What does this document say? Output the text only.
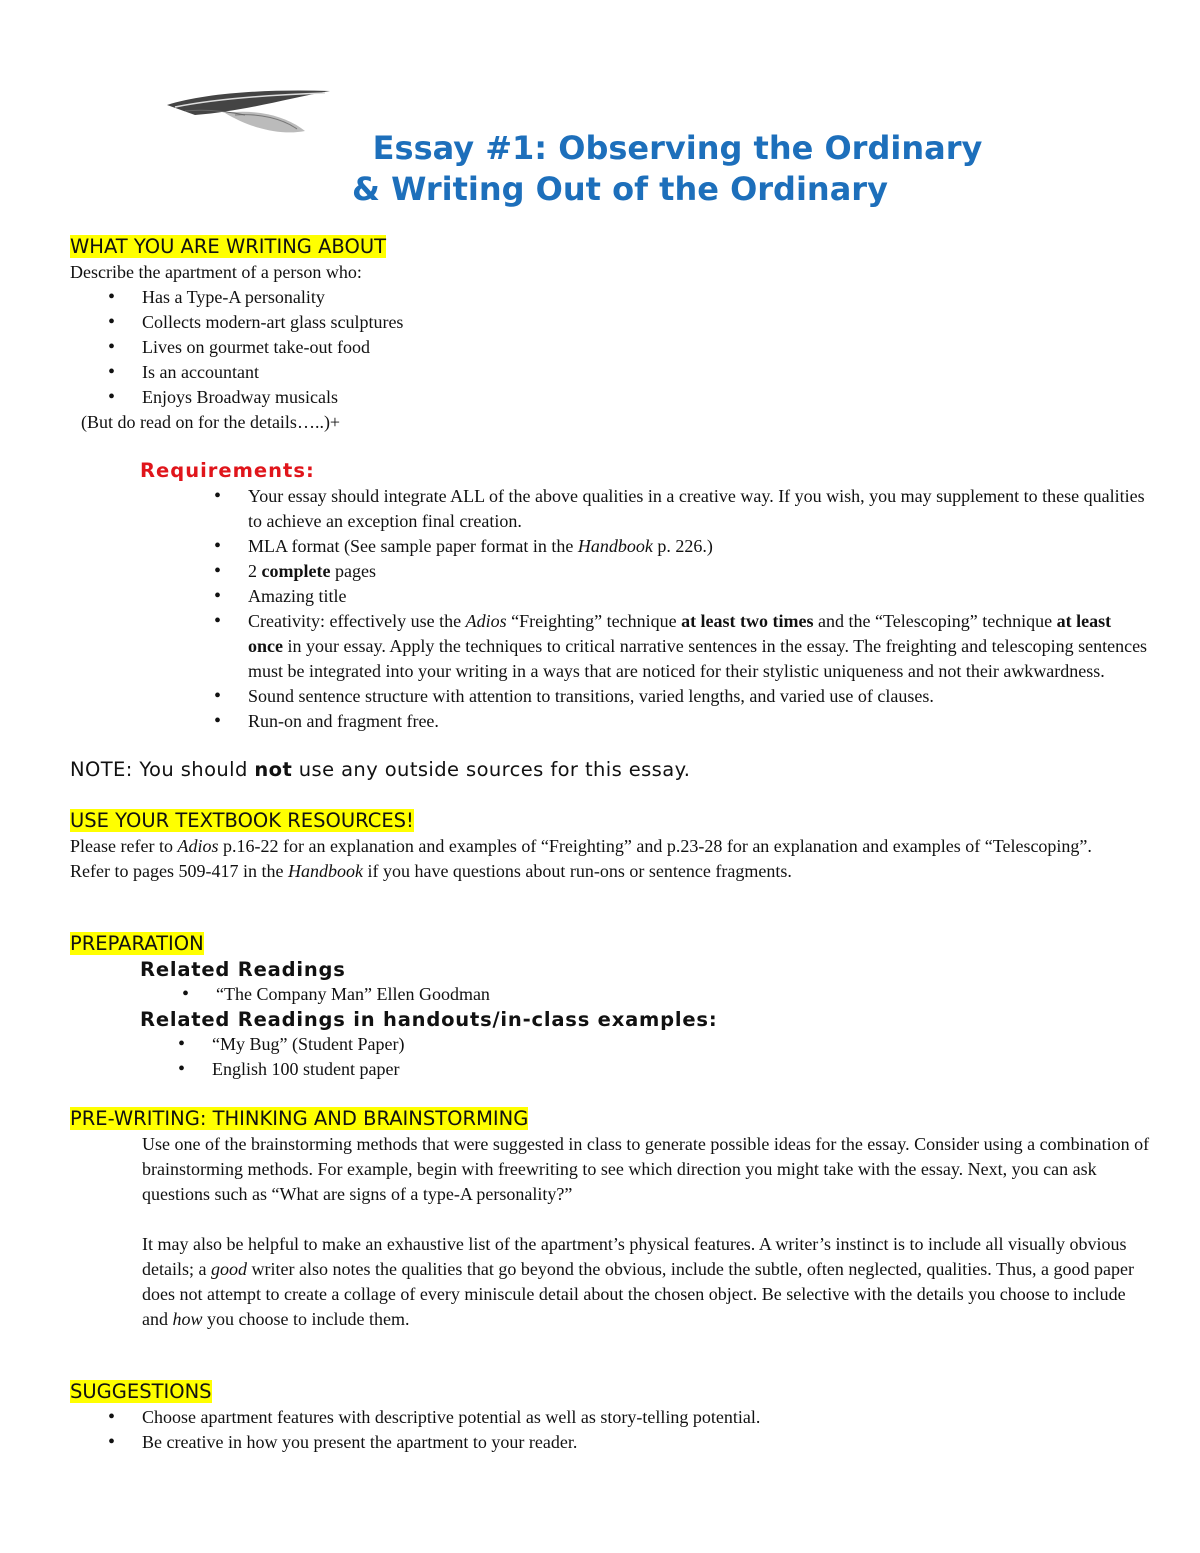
Essay #1: Observing the Ordinary
& Writing Out of the Ordinary
WHAT YOU ARE WRITING ABOUT
Describe the apartment of a person who:
• Has a Type-A personality
• Collects modern-art glass sculptures
• Lives on gourmet take-out food
• Is an accountant
• Enjoys Broadway musicals
(But do read on for the details…..)+
Requirements:
• Your essay should integrate ALL of the above qualities in a creative way. If you wish, you may supplement to these qualities to achieve an exception final creation.
• MLA format (See sample paper format in the Handbook p. 226.)
• 2 complete pages
• Amazing title
• Creativity: effectively use the Adios “Freighting” technique at least two times and the “Telescoping” technique at least once in your essay. Apply the techniques to critical narrative sentences in the essay. The freighting and telescoping sentences must be integrated into your writing in a ways that are noticed for their stylistic uniqueness and not their awkwardness.
• Sound sentence structure with attention to transitions, varied lengths, and varied use of clauses.
• Run-on and fragment free.
NOTE: You should not use any outside sources for this essay.
USE YOUR TEXTBOOK RESOURCES!
Please refer to Adios p.16-22 for an explanation and examples of “Freighting” and p.23-28 for an explanation and examples of “Telescoping”. Refer to pages 509-417 in the Handbook if you have questions about run-ons or sentence fragments.
PREPARATION
Related Readings
• “The Company Man” Ellen Goodman
Related Readings in handouts/in-class examples:
• “My Bug” (Student Paper)
• English 100 student paper
PRE-WRITING: THINKING AND BRAINSTORMING
Use one of the brainstorming methods that were suggested in class to generate possible ideas for the essay. Consider using a combination of brainstorming methods. For example, begin with freewriting to see which direction you might take with the essay. Next, you can ask questions such as “What are signs of a type-A personality?”
It may also be helpful to make an exhaustive list of the apartment’s physical features. A writer’s instinct is to include all visually obvious details; a good writer also notes the qualities that go beyond the obvious, include the subtle, often neglected, qualities. Thus, a good paper does not attempt to create a collage of every miniscule detail about the chosen object. Be selective with the details you choose to include and how you choose to include them.
SUGGESTIONS
• Choose apartment features with descriptive potential as well as story-telling potential.
• Be creative in how you present the apartment to your reader.
